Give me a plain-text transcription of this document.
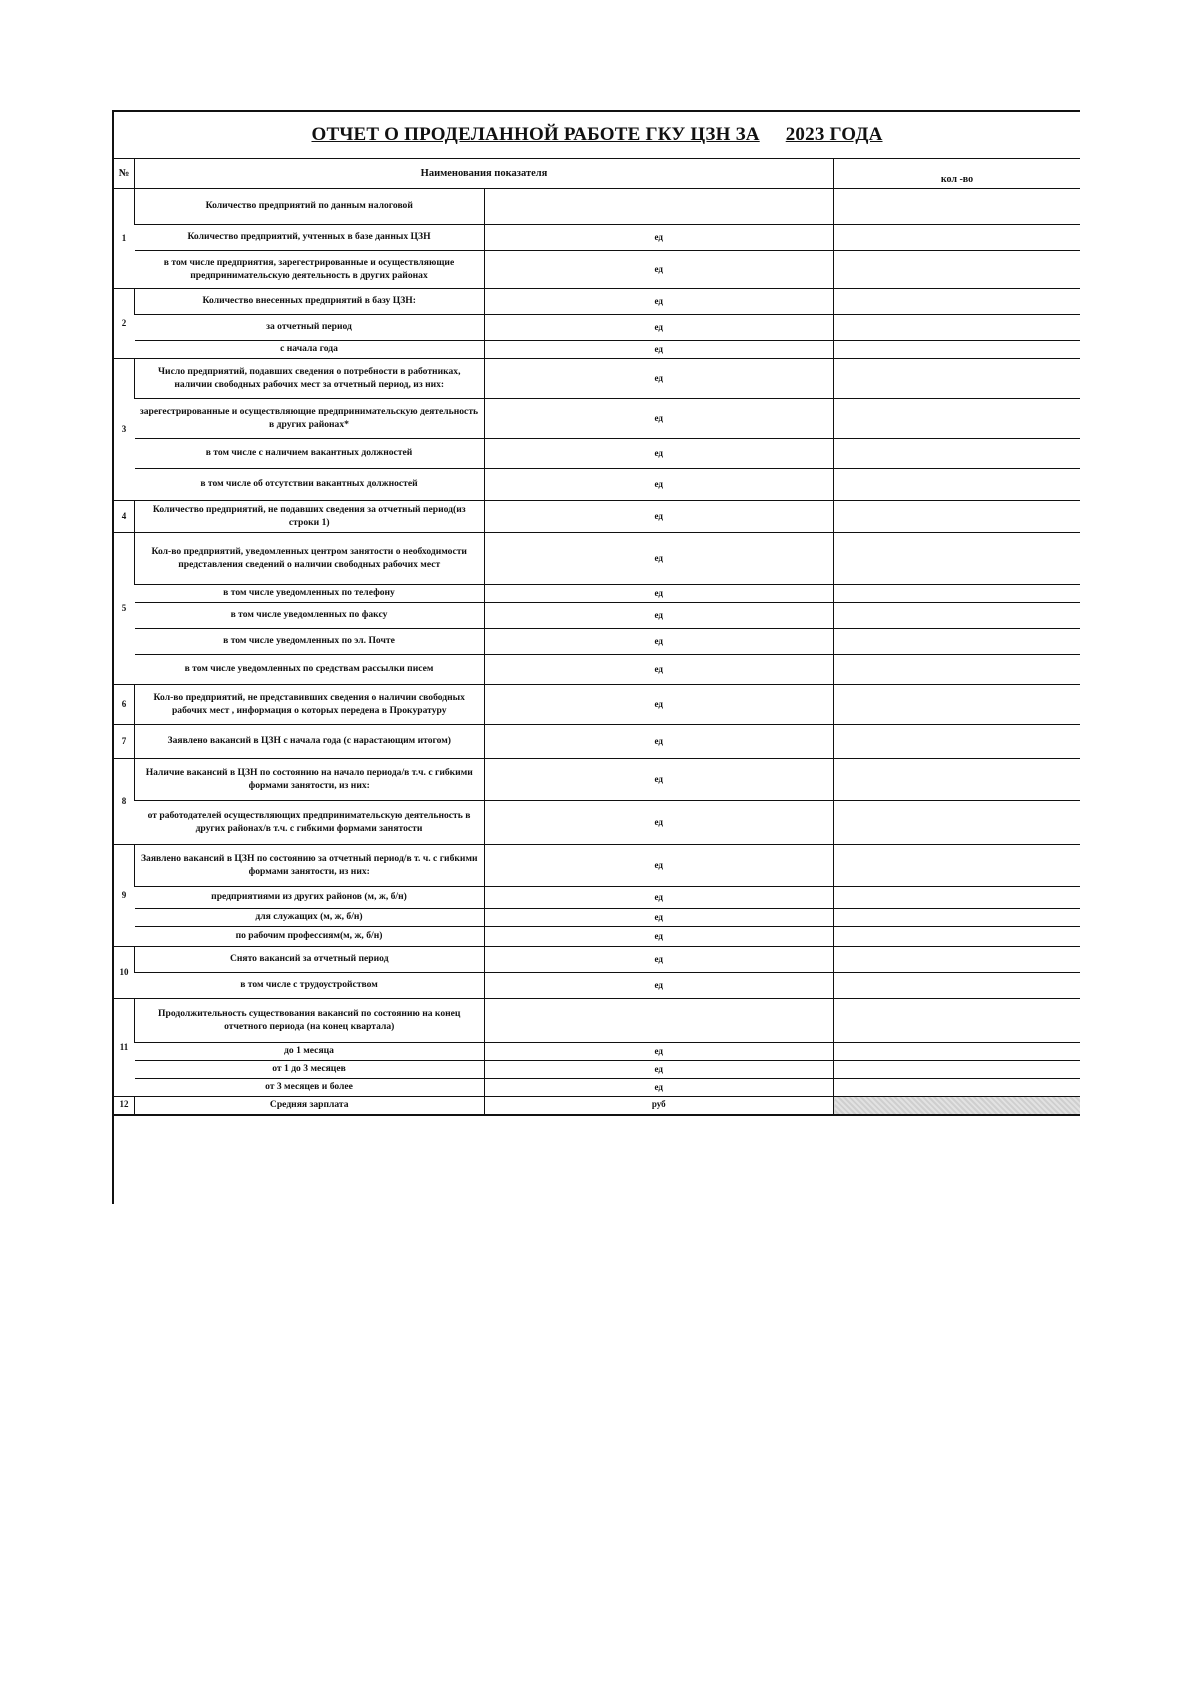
ОТЧЕТ О ПРОДЕЛАННОЙ РАБОТЕ ГКУ ЦЗН ЗА 2023 ГОДА
№	Наименования показателя		кол -во
1	Количество предприятий по данным налоговой		
	Количество предприятий, учтенных в базе данных ЦЗН	ед	
	в том числе предприятия, зарегестрированные и осуществляющие предпринимательскую деятельность в других районах	ед	
2	Количество внесенных предприятий в базу ЦЗН:	ед	
	за отчетный период	ед	
	с начала года	ед	
3	Число предприятий, подавших сведения о потребности в работниках, наличии свободных рабочих мест за отчетный период, из них:	ед	
	зарегестрированные и осуществляющие предпринимательскую деятельность в других районах*	ед	
	в том числе с наличием вакантных должностей	ед	
	в том числе об отсутствии вакантных должностей	ед	
4	Количество предприятий, не подавших сведения за отчетный период(из строки 1)	ед	
5	Кол-во предприятий, уведомленных центром занятости о необходимости представления сведений о наличии свободных рабочих мест	ед	
	в том числе уведомленных по телефону	ед	
	в том числе уведомленных по факсу	ед	
	в том числе уведомленных по эл. Почте	ед	
	в том числе уведомленных по средствам рассылки писем	ед	
6	Кол-во предприятий, не представивших сведения о наличии свободных рабочих мест , информация о которых передена в Прокуратуру	ед	
7	Заявлено вакансий в ЦЗН с начала года (с нарастающим итогом)	ед	
8	Наличие вакансий в ЦЗН по состоянию на начало периода/в т.ч. с гибкими формами занятости, из них:	ед	
	от работодателей осуществляющих предпринимательскую деятельность в других районах/в т.ч. с гибкими формами занятости	ед	
9	Заявлено вакансий в ЦЗН по состоянию за отчетный период/в т. ч. с гибкими формами занятости, из них:	ед	
	предприятиями из других районов (м, ж, б/н)	ед	
	для служащих (м, ж, б/н)	ед	
	по рабочим профессиям(м, ж, б/н)	ед	
10	Снято вакансий за отчетный период	ед	
	в том числе с трудоустройством	ед	
11	Продолжительность существования вакансий по состоянию на конец отчетного периода (на конец квартала)		
	до 1 месяца	ед	
	от 1 до 3 месяцев	ед	
	от 3 месяцев и более	ед	
12	Средняя зарплата	руб	
